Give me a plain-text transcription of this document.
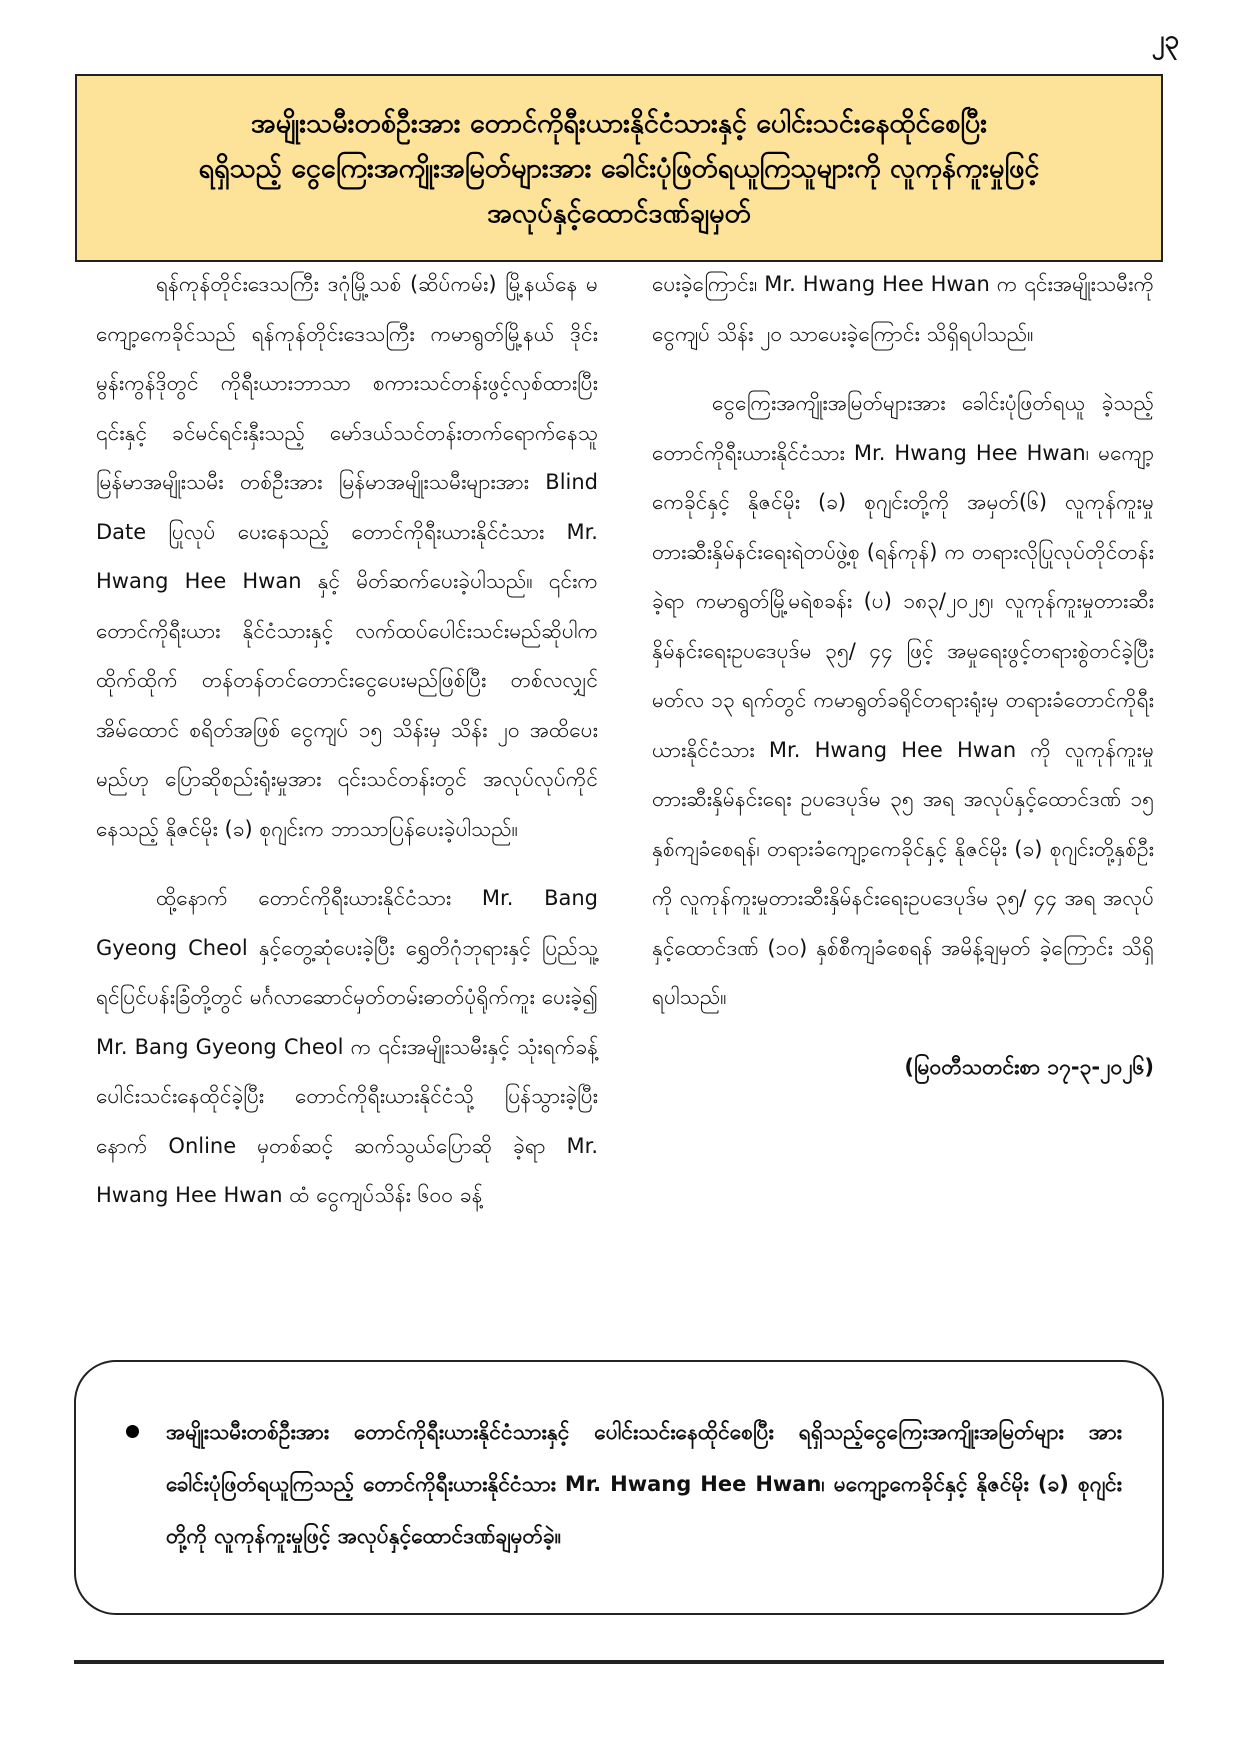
၂၃
အမျိုးသမီးတစ်ဦးအား တောင်ကိုရီးယားနိုင်ငံသားနှင့် ပေါင်းသင်းနေထိုင်စေပြီး
ရရှိသည့် ငွေကြေးအကျိုးအမြတ်များအား ခေါင်းပုံဖြတ်ရယူကြသူများကို လူကုန်ကူးမှုဖြင့်
အလုပ်နှင့်ထောင်ဒဏ်ချမှတ်

ရန်ကုန်တိုင်းဒေသကြီး ဒဂုံမြို့သစ် (ဆိပ်ကမ်း) မြို့နယ်နေ မကျော့ကေခိုင်သည် ရန်ကုန်တိုင်းဒေသကြီး ကမာရွတ်မြို့နယ် ဒိုင်းမွန်းကွန်ဒိုတွင် ကိုရီးယားဘာသာ စကားသင်တန်းဖွင့်လှစ်ထားပြီး ၎င်းနှင့် ခင်မင်ရင်းနှီးသည့် မော်ဒယ်သင်တန်းတက်ရောက်နေသူ မြန်မာအမျိုးသမီး တစ်ဦးအား မြန်မာအမျိုးသမီးများအား Blind Date ပြုလုပ် ပေးနေသည့် တောင်ကိုရီးယားနိုင်ငံသား Mr. Hwang Hee Hwan နှင့် မိတ်ဆက်ပေးခဲ့ပါသည်။ ၎င်းက တောင်ကိုရီးယား နိုင်ငံသားနှင့် လက်ထပ်ပေါင်းသင်းမည်ဆိုပါက ထိုက်ထိုက် တန်တန်တင်တောင်းငွေပေးမည်ဖြစ်ပြီး တစ်လလျှင် အိမ်ထောင် စရိတ်အဖြစ် ငွေကျပ် ၁၅ သိန်းမှ သိန်း ၂၀ အထိပေးမည်ဟု ပြောဆိုစည်းရုံးမှုအား ၎င်းသင်တန်းတွင် အလုပ်လုပ်ကိုင် နေသည့် နိုဇင်မိုး (ခ) စုဂျင်းက ဘာသာပြန်ပေးခဲ့ပါသည်။

ထို့နောက် တောင်ကိုရီးယားနိုင်ငံသား Mr. Bang Gyeong Cheol နှင့်တွေ့ဆုံပေးခဲ့ပြီး ရွှေတိဂုံဘုရားနှင့် ပြည်သူ့ ရင်ပြင်ပန်းခြံတို့တွင် မင်္ဂလာဆောင်မှတ်တမ်းဓာတ်ပုံရိုက်ကူး ပေးခဲ့၍ Mr. Bang Gyeong Cheol က ၎င်းအမျိုးသမီးနှင့် သုံးရက်ခန့် ပေါင်းသင်းနေထိုင်ခဲ့ပြီး တောင်ကိုရီးယားနိုင်ငံသို့ ပြန်သွားခဲ့ပြီးနောက် Online မှတစ်ဆင့် ဆက်သွယ်ပြောဆို ခဲ့ရာ Mr. Hwang Hee Hwan ထံ ငွေကျပ်သိန်း ၆၀၀ ခန့်

ပေးခဲ့ကြောင်း၊ Mr. Hwang Hee Hwan က ၎င်းအမျိုးသမီးကို ငွေကျပ် သိန်း ၂၀ သာပေးခဲ့ကြောင်း သိရှိရပါသည်။

ငွေကြေးအကျိုးအမြတ်များအား ခေါင်းပုံဖြတ်ရယူ ခဲ့သည့် တောင်ကိုရီးယားနိုင်ငံသား Mr. Hwang Hee Hwan၊ မကျော့ကေခိုင်နှင့် နိုဇင်မိုး (ခ) စုဂျင်းတို့ကို အမှတ်(၆) လူကုန်ကူးမှု တားဆီးနှိမ်နင်းရေးရဲတပ်ဖွဲ့စု (ရန်ကုန်) က တရားလိုပြုလုပ်တိုင်တန်းခဲ့ရာ ကမာရွတ်မြို့မရဲစခန်း (ပ) ၁၈၃/၂၀၂၅၊ လူကုန်ကူးမှုတားဆီးနှိမ်နင်းရေးဥပဒေပုဒ်မ ၃၅/ ၄၄ ဖြင့် အမှုရေးဖွင့်တရားစွဲတင်ခဲ့ပြီး မတ်လ ၁၃ ရက်တွင် ကမာရွတ်ခရိုင်တရားရုံးမှ တရားခံတောင်ကိုရီးယားနိုင်ငံသား Mr. Hwang Hee Hwan ကို လူကုန်ကူးမှုတားဆီးနှိမ်နင်းရေး ဥပဒေပုဒ်မ ၃၅ အရ အလုပ်နှင့်ထောင်ဒဏ် ၁၅ နှစ်ကျခံစေရန်၊ တရားခံကျော့ကေခိုင်နှင့် နိုဇင်မိုး (ခ) စုဂျင်းတို့နှစ်ဦးကို လူကုန်ကူးမှုတားဆီးနှိမ်နင်းရေးဥပဒေပုဒ်မ ၃၅/ ၄၄ အရ အလုပ်နှင့်ထောင်ဒဏ် (၁၀) နှစ်စီကျခံစေရန် အမိန့်ချမှတ် ခဲ့ကြောင်း သိရှိရပါသည်။

(မြဝတီသတင်းစာ ၁၇-၃-၂၀၂၆)

အမျိုးသမီးတစ်ဦးအား တောင်ကိုရီးယားနိုင်ငံသားနှင့် ပေါင်းသင်းနေထိုင်စေပြီး ရရှိသည့်ငွေကြေးအကျိုးအမြတ်များ အား ခေါင်းပုံဖြတ်ရယူကြသည့် တောင်ကိုရီးယားနိုင်ငံသား Mr. Hwang Hee Hwan၊ မကျော့ကေခိုင်နှင့် နိုဇင်မိုး (ခ) စုဂျင်းတို့ကို လူကုန်ကူးမှုဖြင့် အလုပ်နှင့်ထောင်ဒဏ်ချမှတ်ခဲ့။
